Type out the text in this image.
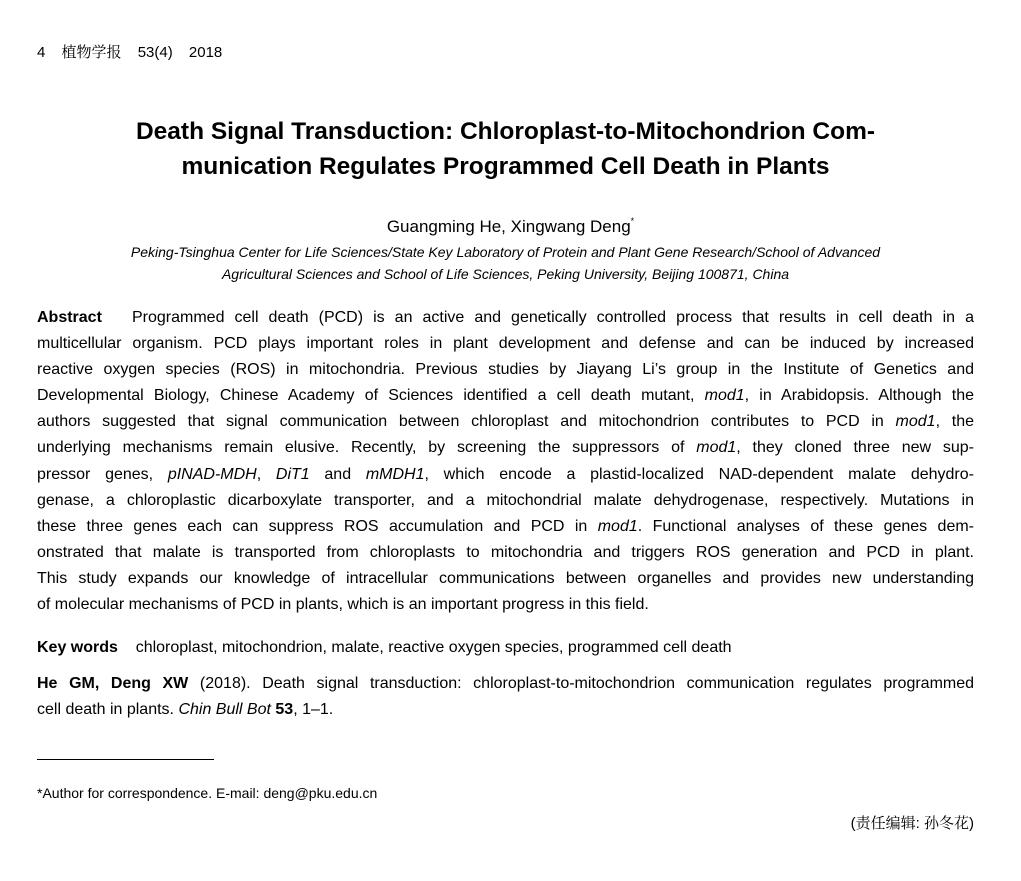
4 植物学报 53(4) 2018
Death Signal Transduction: Chloroplast-to-Mitochondrion Com-
munication Regulates Programmed Cell Death in Plants
Guangming He, Xingwang Deng*
Peking-Tsinghua Center for Life Sciences/State Key Laboratory of Protein and Plant Gene Research/School of Advanced
Agricultural Sciences and School of Life Sciences, Peking University, Beijing 100871, China
Abstract Programmed cell death (PCD) is an active and genetically controlled process that results in cell death in a
multicellular organism. PCD plays important roles in plant development and defense and can be induced by increased
reactive oxygen species (ROS) in mitochondria. Previous studies by Jiayang Li’s group in the Institute of Genetics and
Developmental Biology, Chinese Academy of Sciences identified a cell death mutant, mod1, in Arabidopsis. Although the
authors suggested that signal communication between chloroplast and mitochondrion contributes to PCD in mod1, the
underlying mechanisms remain elusive. Recently, by screening the suppressors of mod1, they cloned three new sup-
pressor genes, pINAD-MDH, DiT1 and mMDH1, which encode a plastid-localized NAD-dependent malate dehydro-
genase, a chloroplastic dicarboxylate transporter, and a mitochondrial malate dehydrogenase, respectively. Mutations in
these three genes each can suppress ROS accumulation and PCD in mod1. Functional analyses of these genes dem-
onstrated that malate is transported from chloroplasts to mitochondria and triggers ROS generation and PCD in plant.
This study expands our knowledge of intracellular communications between organelles and provides new understanding
of molecular mechanisms of PCD in plants, which is an important progress in this field.
Key words chloroplast, mitochondrion, malate, reactive oxygen species, programmed cell death
He GM, Deng XW (2018). Death signal transduction: chloroplast-to-mitochondrion communication regulates programmed
cell death in plants. Chin Bull Bot 53, 1–1.
*Author for correspondence. E-mail: deng@pku.edu.cn
(责任编辑: 孙冬花)
